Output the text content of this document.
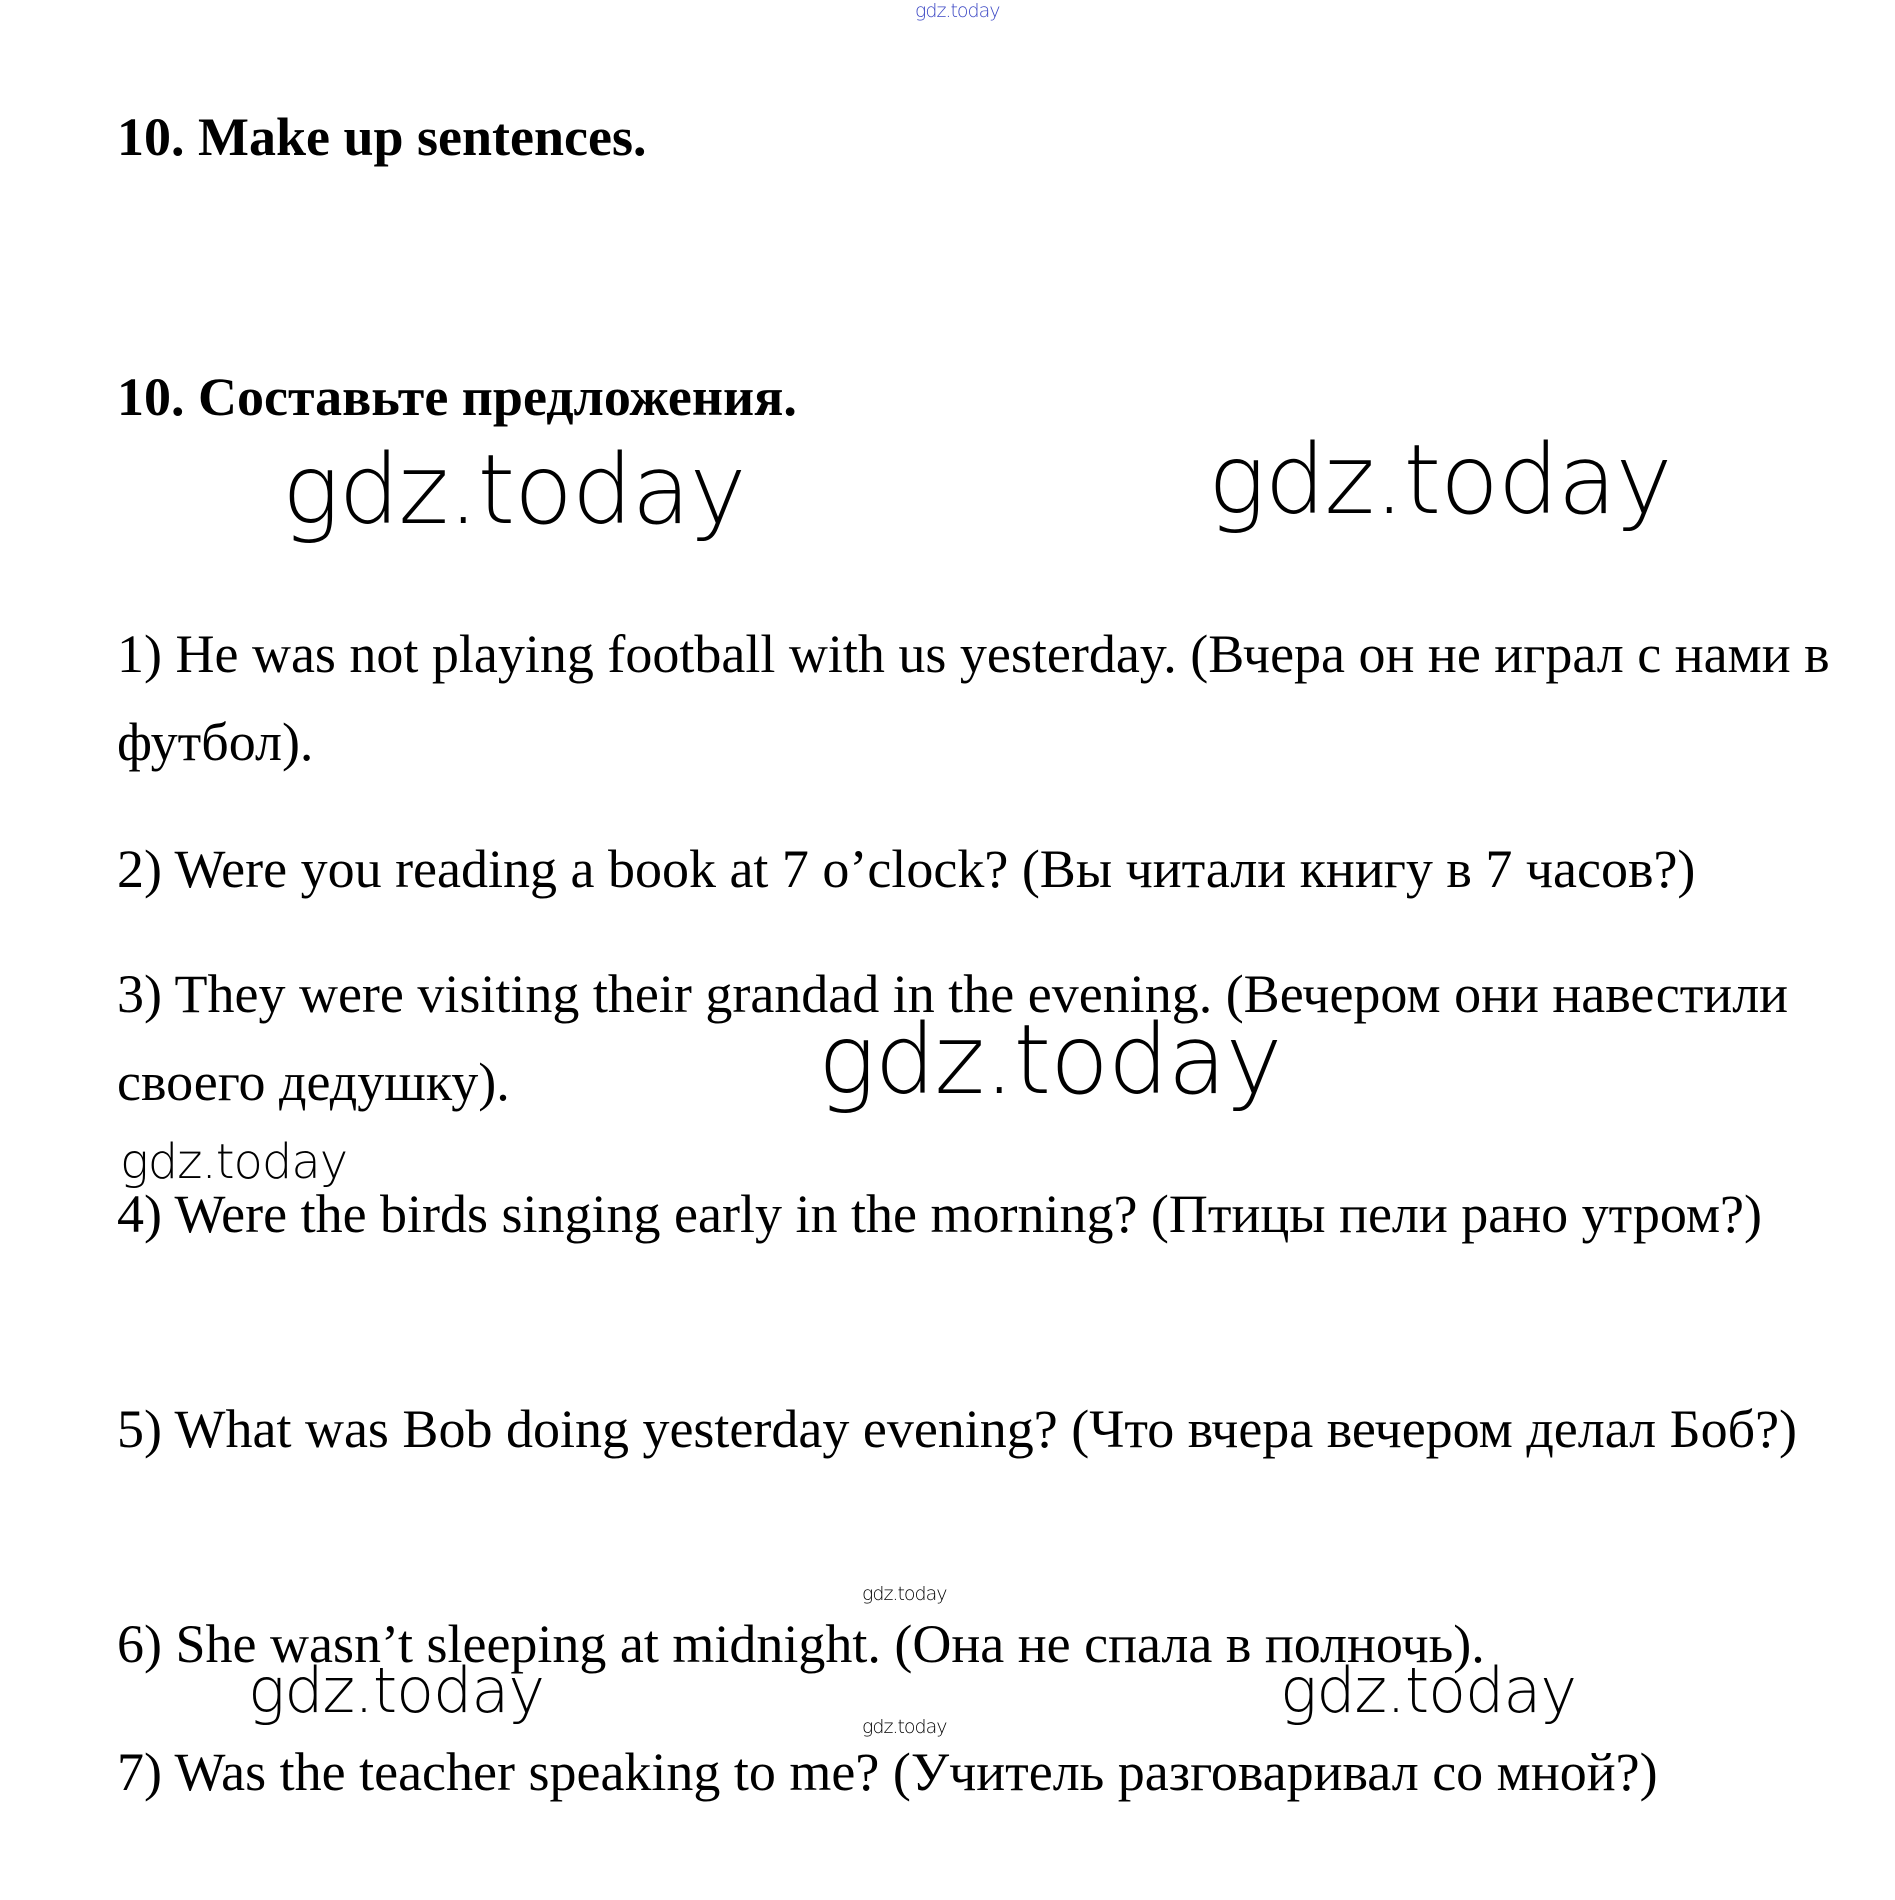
gdz.today
10. Make up sentences.
10. Составьте предложения.
gdz.today	gdz.today

1) He was not playing football with us yesterday. (Вчера он не играл с нами в футбол).

2) Were you reading a book at 7 o’clock? (Вы читали книгу в 7 часов?)

3) They were visiting their grandad in the evening. (Вечером они навестили своего дедушку).	gdz.today
gdz.today

4) Were the birds singing early in the morning? (Птицы пели рано утром?)

5) What was Bob doing yesterday evening? (Что вчера вечером делал Боб?)

gdz.today

6) She wasn’t sleeping at midnight. (Она не спала в полночь).

gdz.today	gdz.today
gdz.today

7) Was the teacher speaking to me? (Учитель разговаривал со мной?)
